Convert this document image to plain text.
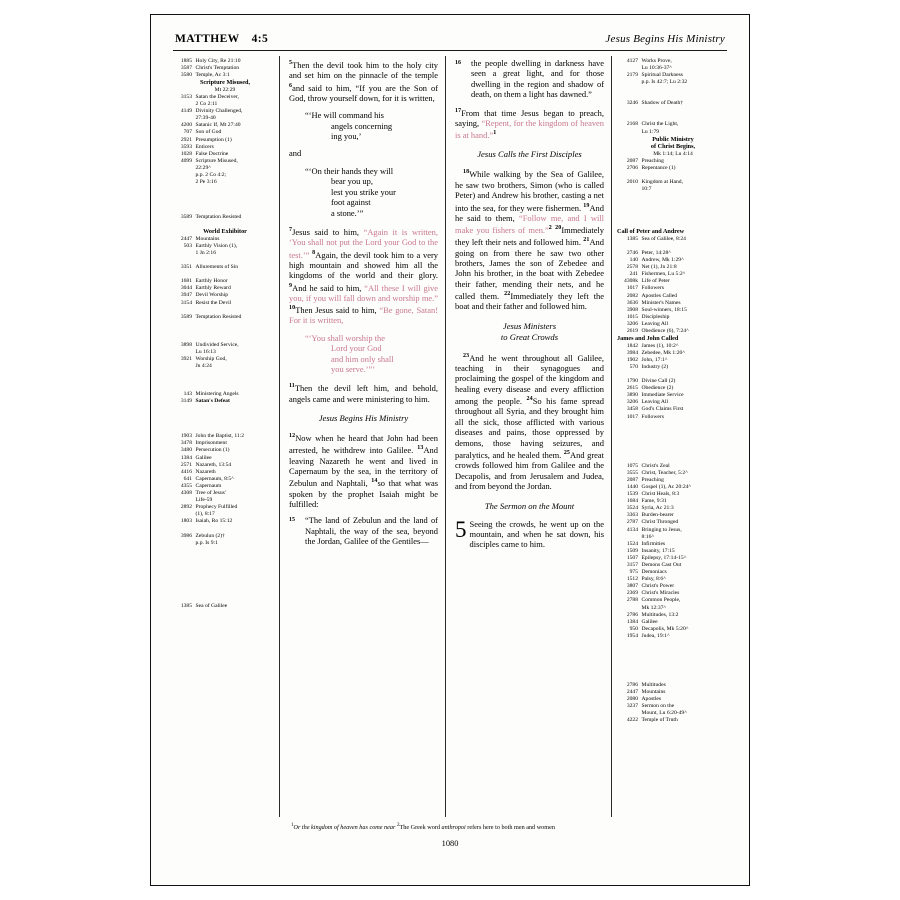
MATTHEW 4:5	Jesus Begins His Ministry
1885 Holy City, Re 21:10
3587 Christ's Temptation
3580 Temple, Ac 3:1
Scripture Misused,
Mt 22:29
3153 Satan the Deceiver,
2 Co 2:11
4149 Divinity Challenged,
27:39-40
4200 Satanic If, Mt 27:40
707 Son of God
2921 Presumption (1)
3593 Enticers
1028 False Doctrine
4099 Scripture Misused,
22:29^
p.p. 2 Co 4:2;
2 Pe 3:16
3589 Temptation Resisted
World Exhibitor
2447 Mountains
503 Earthly Vision (1),
1 Jn 2:16
3351 Allurements of Sin
1681 Earthly Honor
3044 Earthly Reward
3947 Devil Worship
3154 Resist the Devil
3589 Temptation Resisted
3898 Undivided Service,
Lu 16:13
3921 Worship God,
Jn 4:24
143 Ministering Angels
3149 Satan's Defeat
1903 John the Baptist, 11:2
3478 Imprisonment
3480 Persecution (1)
1384 Galilee
2571 Nazareth, 13:54
4416 Nazareth
641 Capernaum, 8:5^
4355 Capernaum
4308 Tree of Jesus'
Life-59
2892 Prophecy Fulfilled
(1), 8:17
1803 Isaiah, Ro 15:12
3986 Zebulun (2)†
p.p. Is 9:1
1385 Sea of Galilee

$^5$Then the devil took him to the holy city and set him on the pinnacle of the temple $^6$and said to him, “If you are the Son of God, throw yourself down, for it is written,

“‘He will command his
angels concerning
ing you,’

and

“‘On their hands they will
bear you up,
lest you strike your
foot against
a stone.’”

$^7$Jesus said to him, “Again it is written, ‘You shall not put the Lord your God to the test.’” $^8$Again, the devil took him to a very high mountain and showed him all the kingdoms of the world and their glory. $^9$And he said to him, “All these I will give you, if you will fall down and worship me.” $^{10}$Then Jesus said to him, “Be gone, Satan! For it is written,

“‘You shall worship the
Lord your God
and him only shall
you serve.’”’

$^{11}$Then the devil left him, and behold, angels came and were ministering to him.

Jesus Begins His Ministry

$^{12}$Now when he heard that John had been arrested, he withdrew into Galilee. $^{13}$And leaving Nazareth he went and lived in Capernaum by the sea, in the territory of Zebulun and Naphtali, $^{14}$so that what was spoken by the prophet Isaiah might be fulfilled:

15 “The land of Zebulun and the land of Naphtali, the way of the sea, beyond the Jordan, Galilee of the Gentiles—
16 the people dwelling in darkness have seen a great light, and for those dwelling in the region and shadow of death, on them a light has dawned.”

$^{17}$From that time Jesus began to preach, saying, “Repent, for the kingdom of heaven is at hand.”$^1$

Jesus Calls the First Disciples

$^{18}$While walking by the Sea of Galilee, he saw two brothers, Simon (who is called Peter) and Andrew his brother, casting a net into the sea, for they were fishermen. $^{19}$And he said to them, “Follow me, and I will make you fishers of men.”$^2$ $^{20}$Immediately they left their nets and followed him. $^{21}$And going on from there he saw two other brothers, James the son of Zebedee and John his brother, in the boat with Zebedee their father, mending their nets, and he called them. $^{22}$Immediately they left the boat and their father and followed him.

Jesus Ministers
to Great Crowds

$^{23}$And he went throughout all Galilee, teaching in their synagogues and proclaiming the gospel of the kingdom and healing every disease and every affliction among the people. $^{24}$So his fame spread throughout all Syria, and they brought him all the sick, those afflicted with various diseases and pains, those oppressed by demons, those having seizures, and paralytics, and he healed them. $^{25}$And great crowds followed him from Galilee and the Decapolis, and from Jerusalem and Judea, and from beyond the Jordan.

The Sermon on the Mount

5 Seeing the crowds, he went up on the mountain, and when he sat down, his disciples came to him.

4127 Works Prove,
Lu 10:36-37^
2179 Spiritual Darkness
p.p. Is 42:7; Lu 2:32
3246 Shadow of Death†
2168 Christ the Light,
Lu 1:79
Public Ministry
of Christ Begins,
Mk 1:14; Lu 4:14
2087 Preaching
2706 Repentance (1)
2010 Kingdom at Hand,
10:7
Call of Peter and Andrew
1385 Sea of Galilee, 8:24
2746 Peter, 14:28^
140 Andrew, Mk 1:29^
2578 Net (1), Jn 21:8
241 Fishermen, Lu 5:2^
4308k Life of Peter
1017 Followers
2082 Apostles Called
3636 Minister's Names
3908 Soul-winners, 18:15
1015 Discipleship
3206 Leaving All
2619 Obedience (6), 7:24^
James and John Called
1842 James (1), 10:2^
3984 Zebedee, Mk 1:20^
1902 John, 17:1^
570 Industry (2)
1790 Divine Call (2)
2615 Obedience (2)
3890 Immediate Service
3206 Leaving All
3458 God's Claims First
1017 Followers
1075 Christ's Zeal
3555 Christ, Teacher, 5:2^
2087 Preaching
1440 Gospel (1), Ac 20:24^
1539 Christ Heals, 8:3
1684 Fame, 9:31
3524 Syria, Ac 21:3
3363 Burden-bearer
2787 Christ Thronged
4134 Bringing to Jesus,
8:16^
1524 Infirmities
1509 Insanity, 17:15
1507 Epilepsy, 17:14-15^
3157 Demons Cast Out
975 Demoniacs
1512 Palsy, 8:6^
3807 Christ's Power
2369 Christ's Miracles
2788 Common People,
Mk 12:37^
2786 Multitudes, 13:2
1384 Galilee
950 Decapolis, Mk 5:20^
1954 Judea, 19:1^
2786 Multitudes
2447 Mountains
2080 Apostles
3237 Sermon on the
Mount, Lu 6:20-49^
4222 Temple of Truth
$^1$Or the kingdom of heaven has come near $^2$The Greek word anthropoi refers here to both men and women
1080
